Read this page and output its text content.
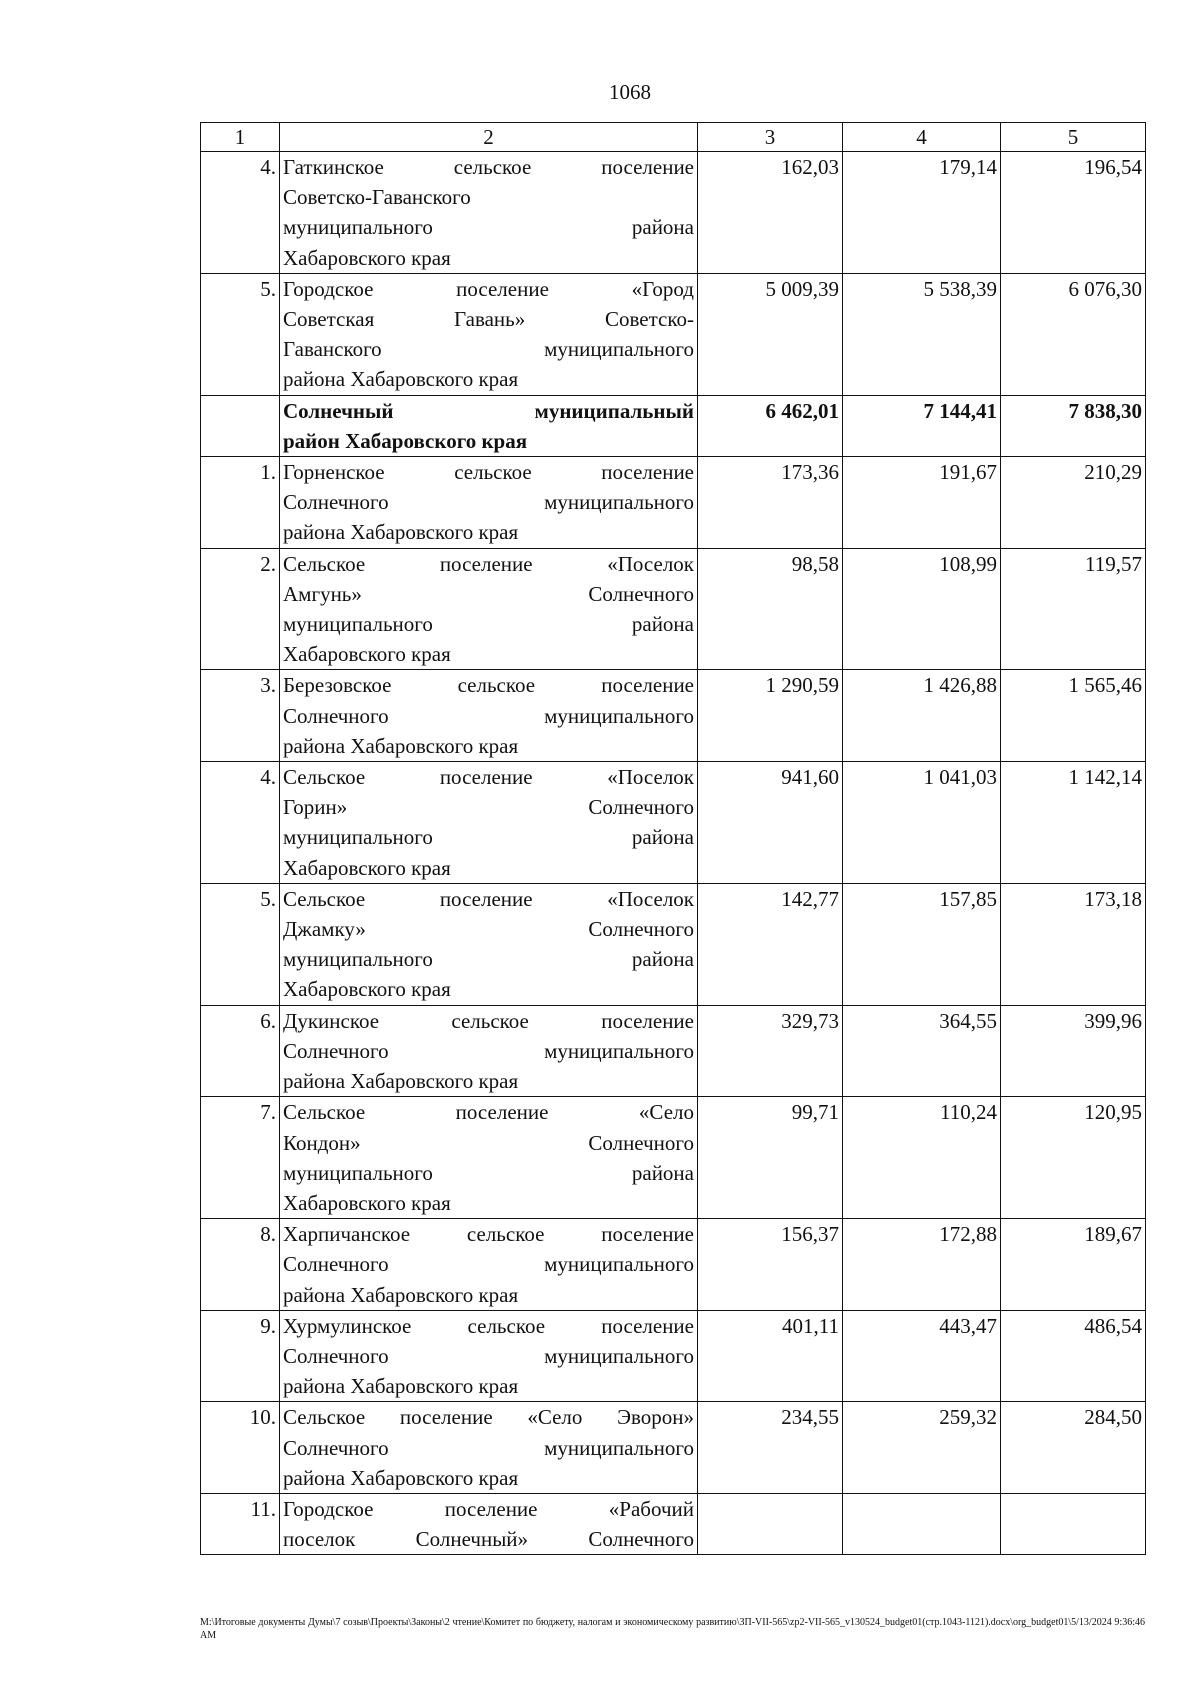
1068
1	2	3	4	5
4.	Гаткинское сельское поселение
Советско-Гаванского
муниципального района
Хабаровского края	162,03	179,14	196,54
5.	Городское поселение «Город
Советская Гавань» Советско-
Гаванского муниципального
района Хабаровского края	5 009,39	5 538,39	6 076,30

	Солнечный муниципальный
район Хабаровского края	6 462,01	7 144,41	7 838,30
1.	Горненское сельское поселение
Солнечного муниципального
района Хабаровского края	173,36	191,67	210,29
2.	Сельское поселение «Поселок
Амгунь» Солнечного
муниципального района
Хабаровского края	98,58	108,99	119,57
3.	Березовское сельское поселение
Солнечного муниципального
района Хабаровского края	1 290,59	1 426,88	1 565,46
4.	Сельское поселение «Поселок
Горин» Солнечного
муниципального района
Хабаровского края	941,60	1 041,03	1 142,14
5.	Сельское поселение «Поселок
Джамку» Солнечного
муниципального района
Хабаровского края	142,77	157,85	173,18
6.	Дукинское сельское поселение
Солнечного муниципального
района Хабаровского края	329,73	364,55	399,96
7.	Сельское поселение «Село
Кондон» Солнечного
муниципального района
Хабаровского края	99,71	110,24	120,95
8.	Харпичанское сельское поселение
Солнечного муниципального
района Хабаровского края	156,37	172,88	189,67
9.	Хурмулинское сельское поселение
Солнечного муниципального
района Хабаровского края	401,11	443,47	486,54
10.	Сельское поселение «Село Эворон»
Солнечного муниципального
района Хабаровского края	234,55	259,32	284,50
11.	Городское поселение «Рабочий
поселок Солнечный» Солнечного			

M:\Итоговые документы Думы\7 созыв\Проекты\Законы\2 чтение\Комитет по бюджету, налогам и экономическому развитию\ЗП-VII-565\zp2-VII-565_v130524_budget01(стр.1043-1121).docx\org_budget01\5/13/2024 9:36:46 AM
